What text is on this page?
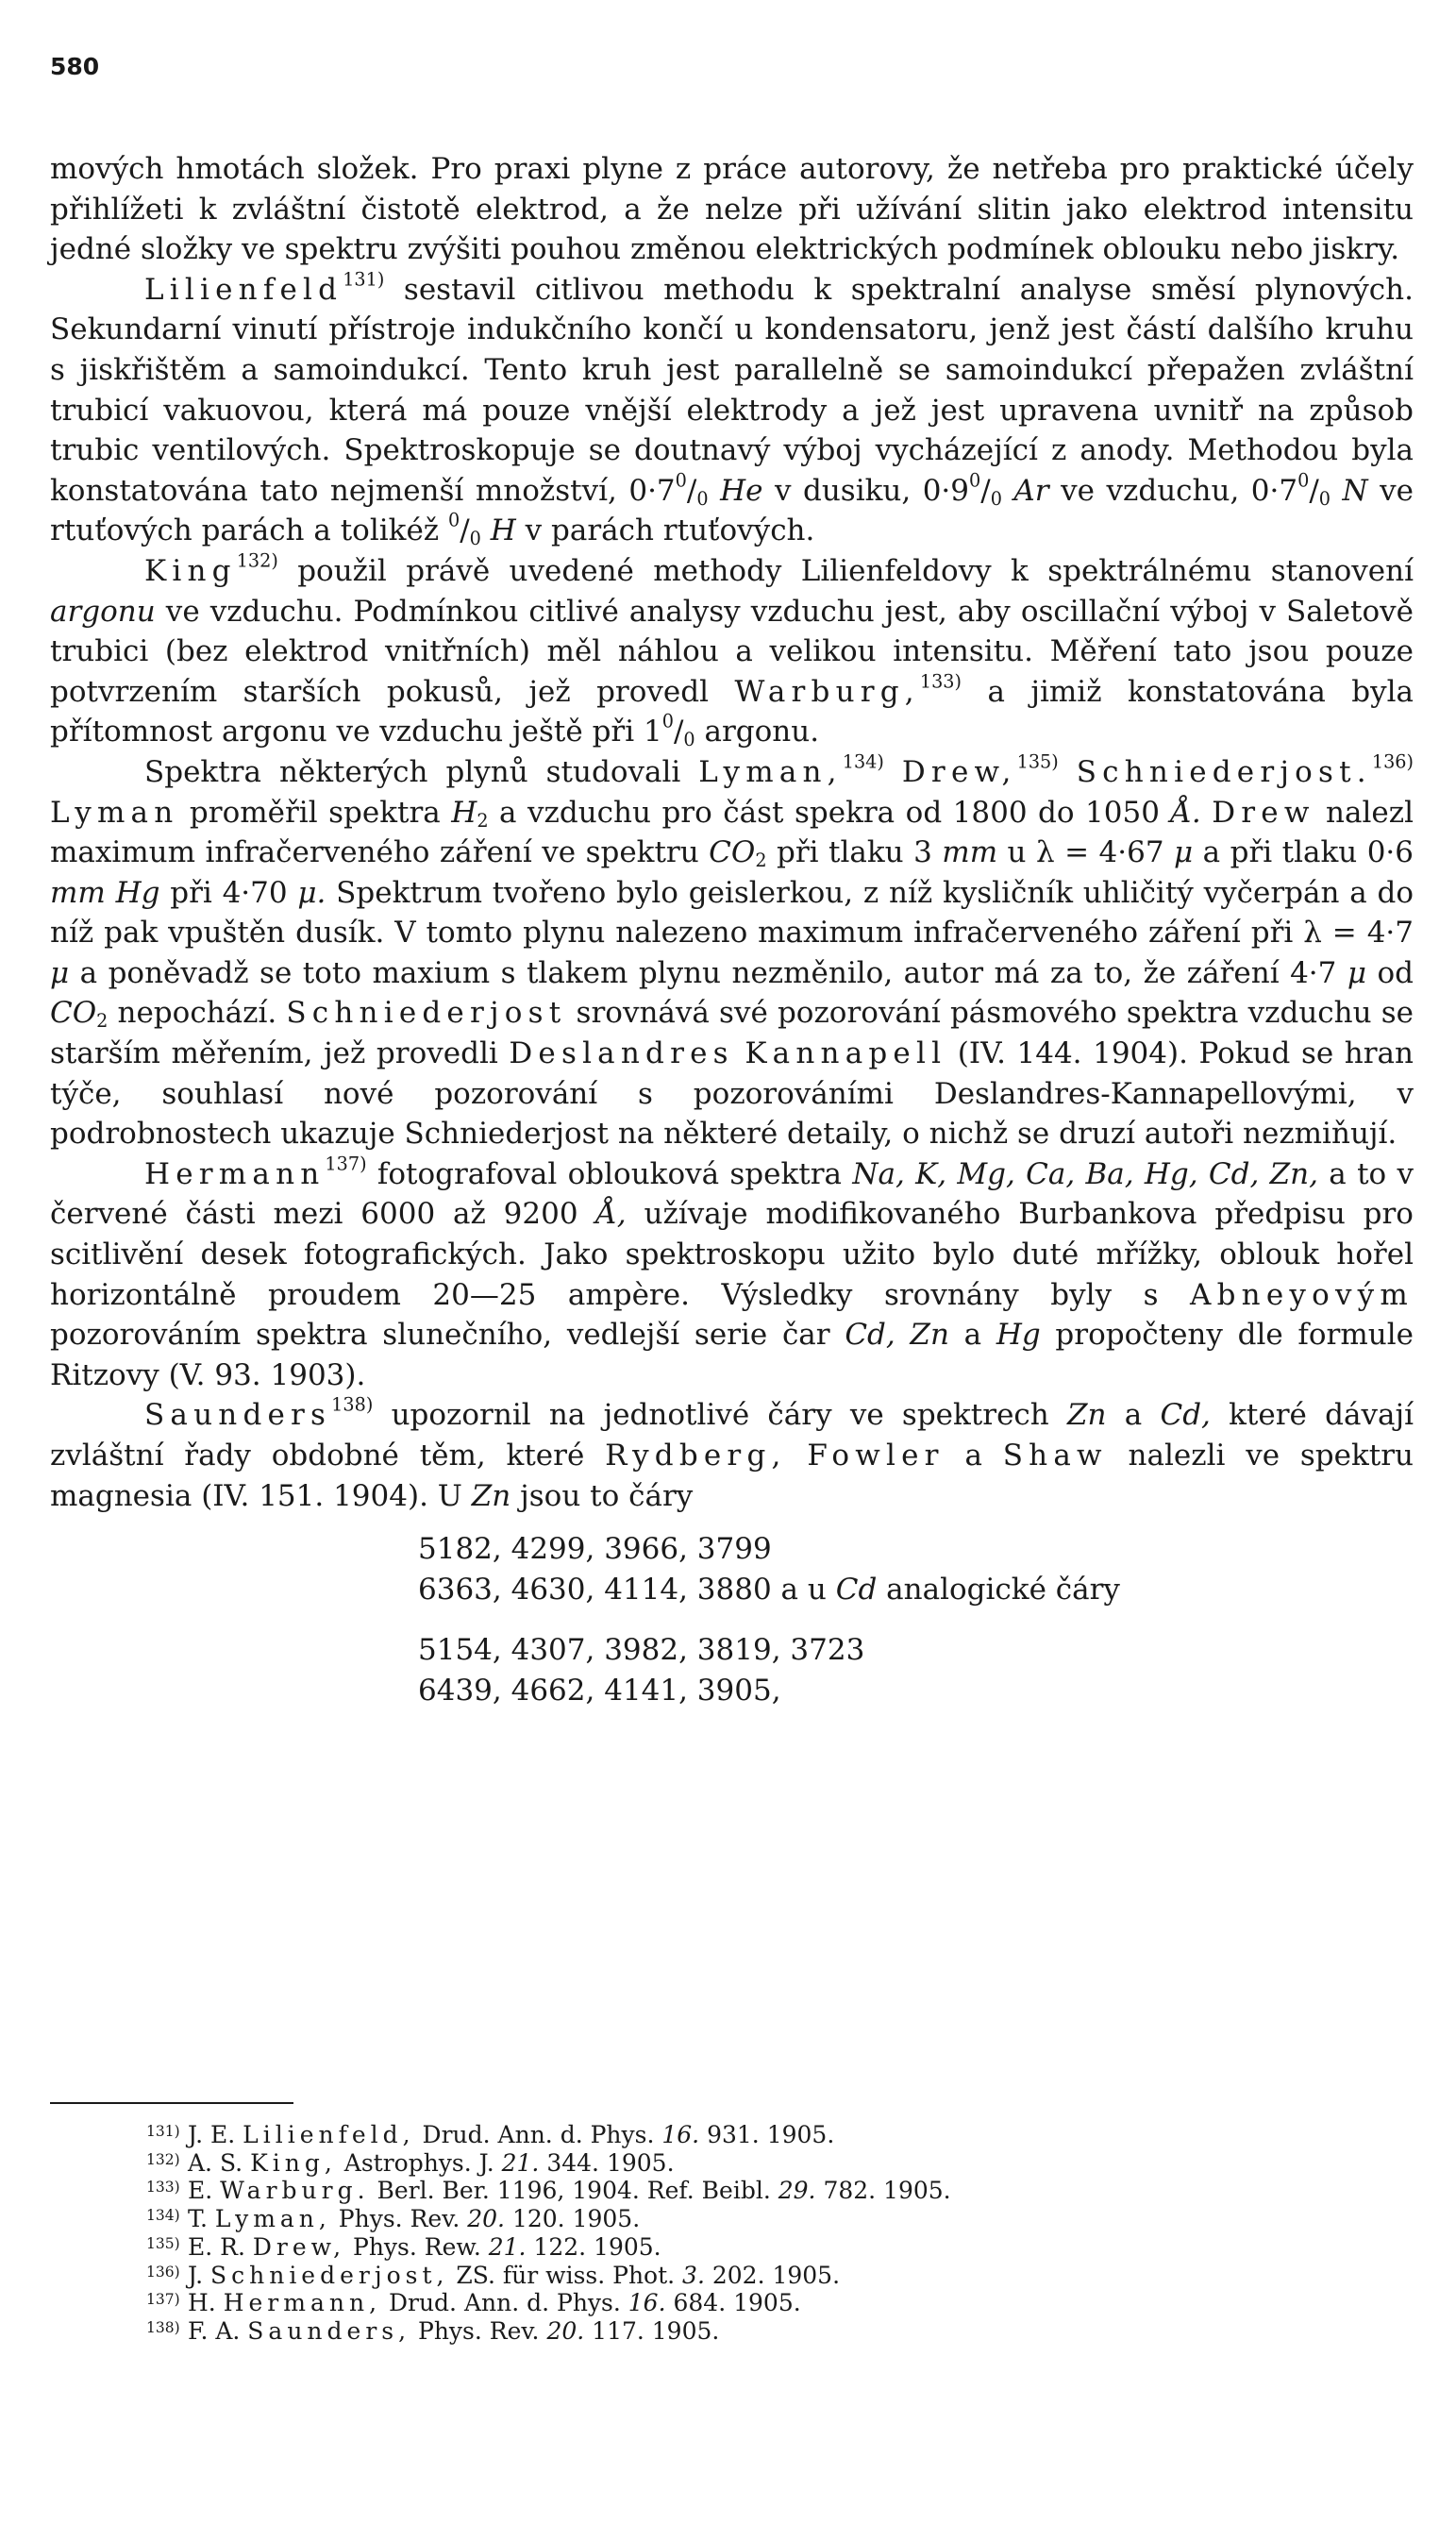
580

mových hmotách složek. Pro praxi plyne z práce autorovy, že netřeba pro praktické účely přihlížeti k zvláštní čistotě elektrod, a že nelze při užívání slitin jako elektrod intensitu jedné složky ve spektru zvýšiti pouhou změnou elektrických podmínek oblouku nebo jiskry.

Lilienfeld$^{131)}$ sestavil citlivou methodu k spektralní analyse směsí plynových. Sekundarní vinutí přístroje indukčního končí u kondensatoru, jenž jest částí dalšího kruhu s jiskřištěm a samoindukcí. Tento kruh jest parallelně se samoindukcí přepažen zvláštní trubicí vakuovou, která má pouze vnější elektrody a jež jest upravena uvnitř na způsob trubic ventilových. Spektroskopuje se doutnavý výboj vycházející z anody. Methodou byla konstatována tato nejmenší množství, $0\cdot 7^0/_0$ He v dusiku, $0\cdot 9^0/_0$ Ar ve vzduchu, $0\cdot 7^0/_0$ N ve rtuťových parách a tolikéž $^0/_0$ H v parách rtuťových.

King$^{132)}$ použil právě uvedené methody Lilienfeldovy k spektrálnému stanovení argonu ve vzduchu. Podmínkou citlivé analysy vzduchu jest, aby oscillační výboj v Saletově trubici (bez elektrod vnitřních) měl náhlou a velikou intensitu. Měření tato jsou pouze potvrzením starších pokusů, jež provedl Warburg,$^{133)}$ a jimiž konstatována byla přítomnost argonu ve vzduchu ještě při $1^0/_0$ argonu.

Spektra některých plynů studovali Lyman,$^{134)}$ Drew,$^{135)}$ Schniederjost.$^{136)}$ Lyman proměřil spektra $H_2$ a vzduchu pro část spekra od 1800 do 1050 Å. Drew nalezl maximum infračerveného záření ve spektru $CO_2$ při tlaku 3 mm u λ = 4·67 μ a při tlaku 0·6 mm Hg při 4·70 μ. Spektrum tvořeno bylo geislerkou, z níž kysličník uhličitý vyčerpán a do níž pak vpuštěn dusík. V tomto plynu nalezeno maximum infračerveného záření při λ = 4·7 μ a poněvadž se toto maxium s tlakem plynu nezměnilo, autor má za to, že záření 4·7 μ od $CO_2$ nepochází. Schniederjost srovnává své pozorování pásmového spektra vzduchu se starším měřením, jež provedli Deslandres Kannapell (IV. 144. 1904). Pokud se hran týče, souhlasí nové pozorování s pozorováními Deslandres-Kannapellovými, v podrobnostech ukazuje Schniederjost na některé detaily, o nichž se druzí autoři nezmiňují.

Hermann$^{137)}$ fotografoval oblouková spektra Na, K, Mg, Ca, Ba, Hg, Cd, Zn, a to v červené části mezi 6000 až 9200 Å, užívaje modifikovaného Burbankova předpisu pro scitlivění desek fotografických. Jako spektroskopu užito bylo duté mřížky, oblouk hořel horizontálně proudem 20—25 ampère. Výsledky srovnány byly s Abneyovým pozorováním spektra slunečního, vedlejší serie čar Cd, Zn a Hg propočteny dle formule Ritzovy (V. 93. 1903).

Saunders$^{138)}$ upozornil na jednotlivé čáry ve spektrech Zn a Cd, které dávají zvláštní řady obdobné těm, které Rydberg, Fowler a Shaw nalezli ve spektru magnesia (IV. 151. 1904). U Zn jsou to čáry

5182, 4299, 3966, 3799
6363, 4630, 4114, 3880 a u Cd analogické čáry
5154, 4307, 3982, 3819, 3723
6439, 4662, 4141, 3905,
$^{131)}$ J. E. Lilienfeld, Drud. Ann. d. Phys. 16. 931. 1905.
$^{132)}$ A. S. King, Astrophys. J. 21. 344. 1905.
$^{133)}$ E. Warburg. Berl. Ber. 1196, 1904. Ref. Beibl. 29. 782. 1905.
$^{134)}$ T. Lyman, Phys. Rev. 20. 120. 1905.
$^{135)}$ E. R. Drew, Phys. Rew. 21. 122. 1905.
$^{136)}$ J. Schniederjost, ZS. für wiss. Phot. 3. 202. 1905.
$^{137)}$ H. Hermann, Drud. Ann. d. Phys. 16. 684. 1905.
$^{138)}$ F. A. Saunders, Phys. Rev. 20. 117. 1905.
